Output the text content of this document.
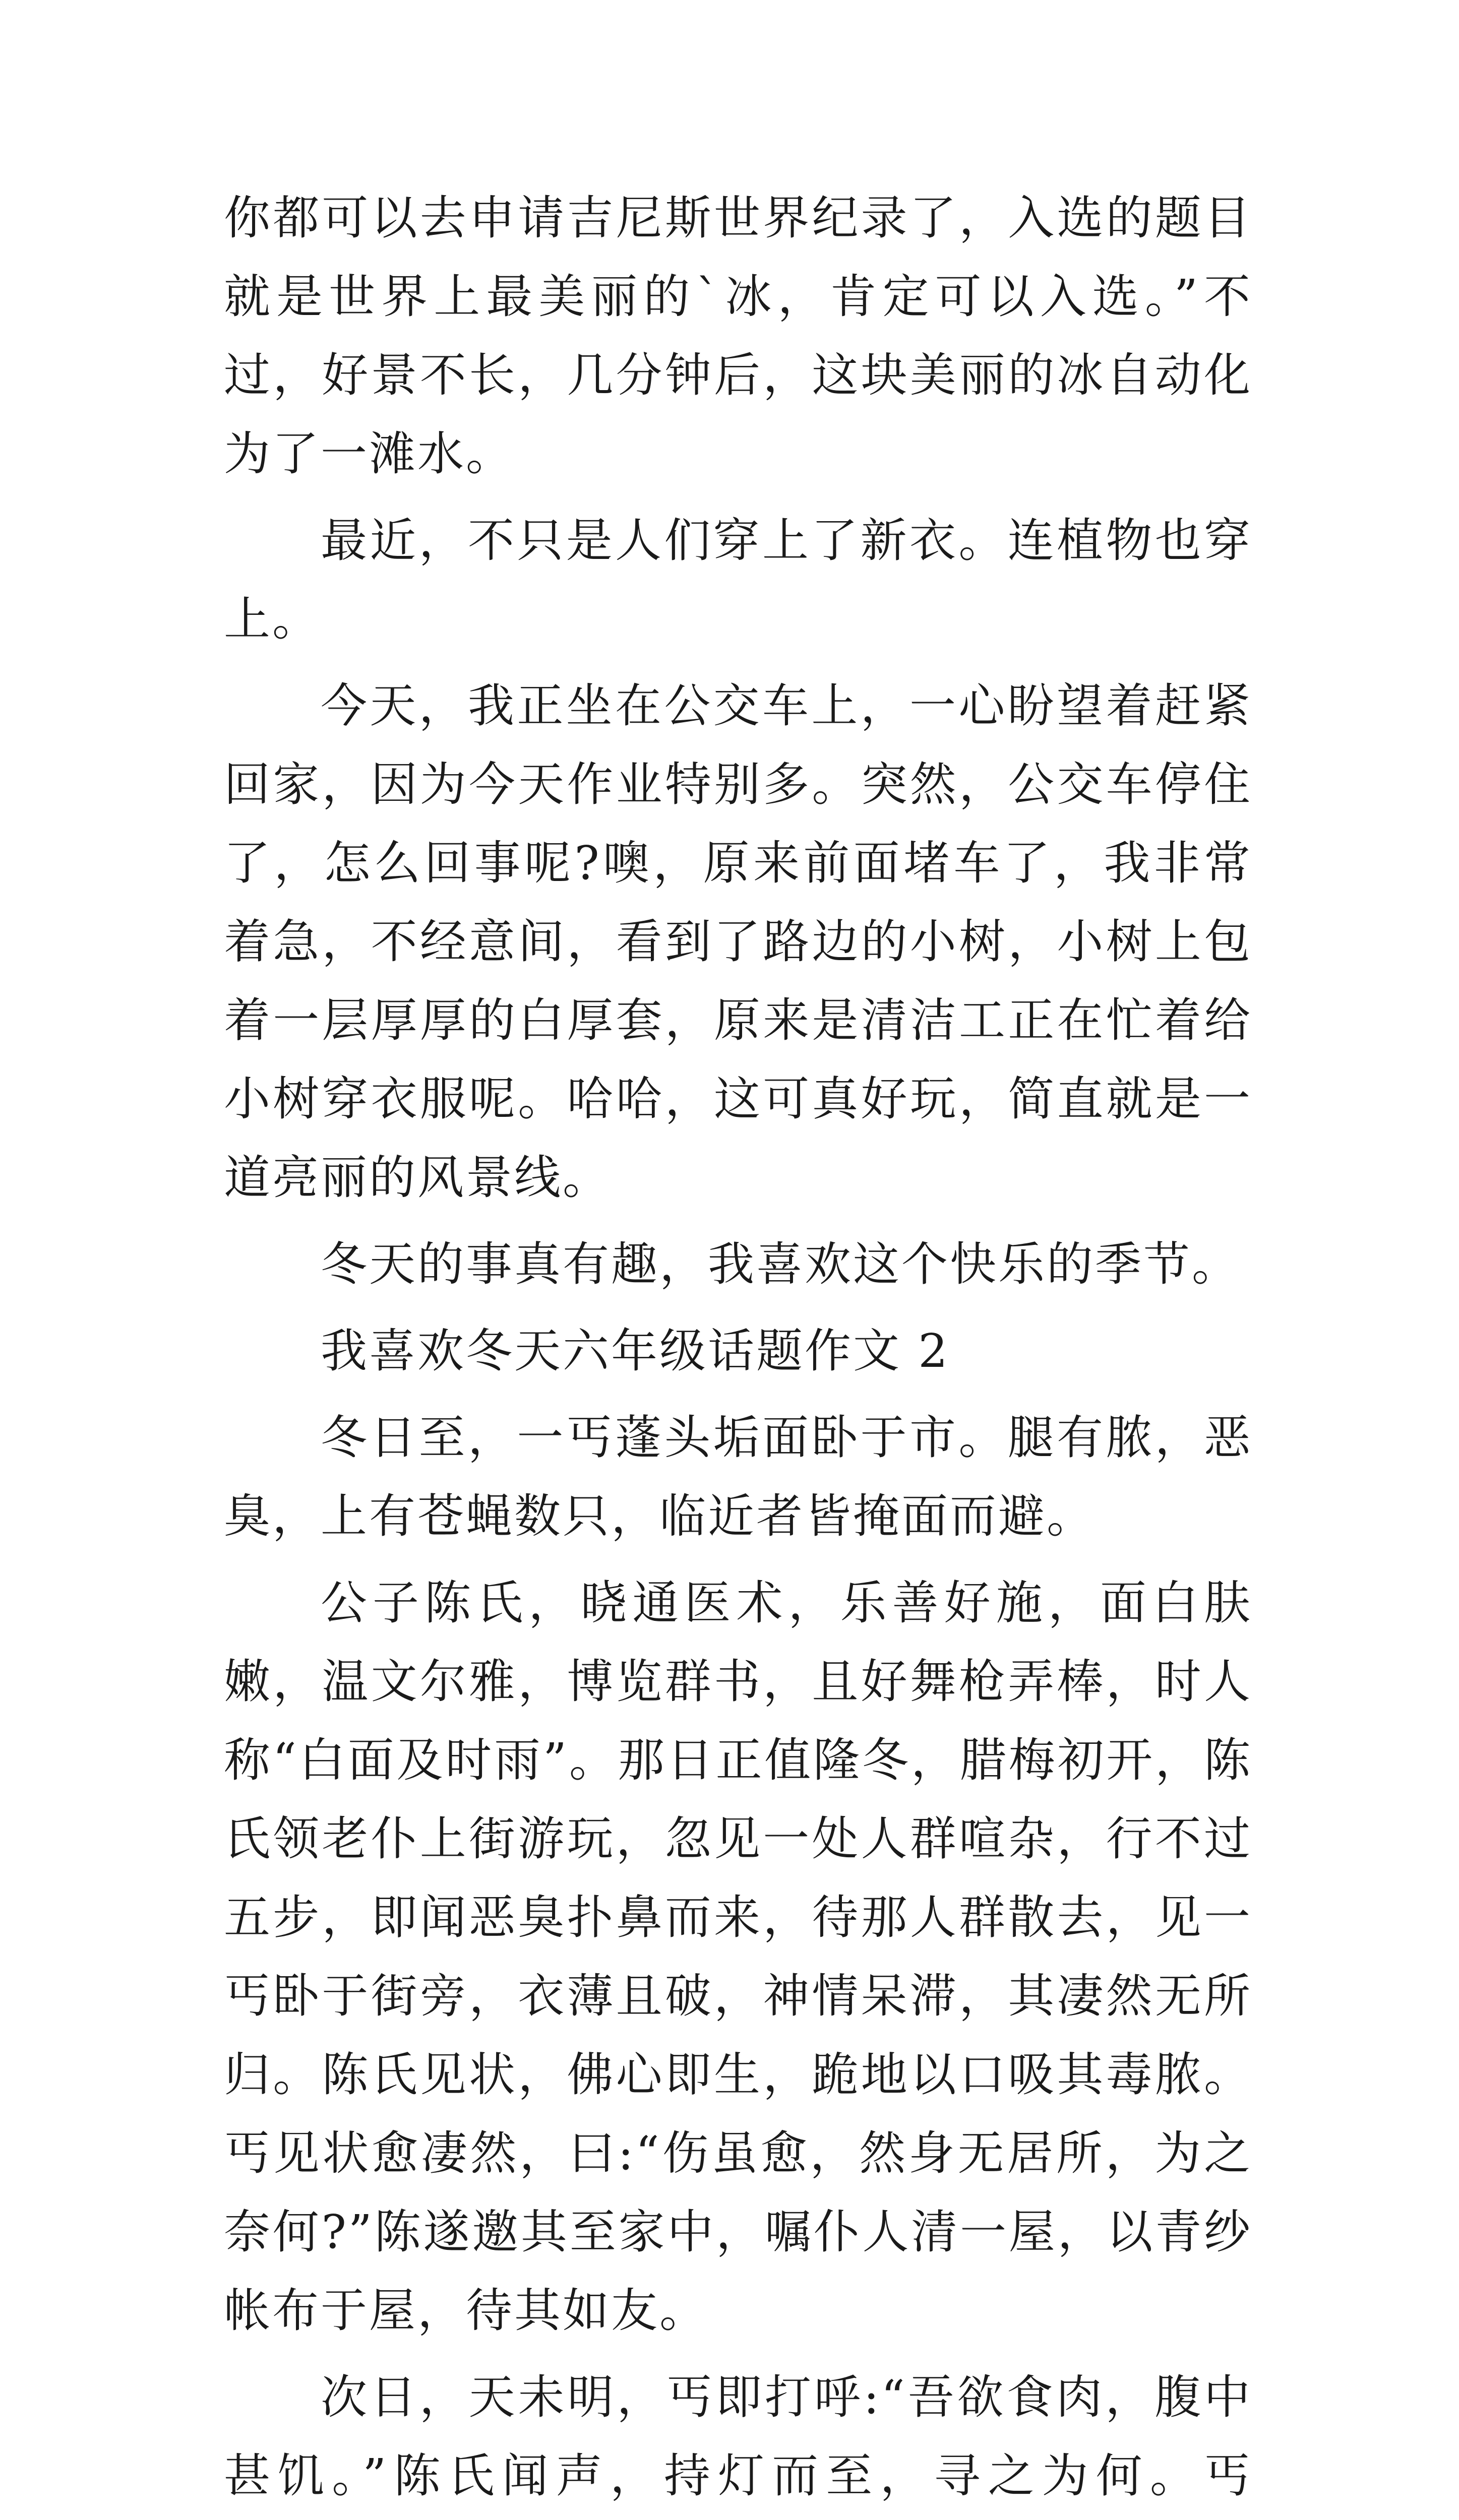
你都可以去申请吉尼斯世界纪录了，入选的题目就是世界上最美丽的`冰，肯定可以入选。”不过，好景不长，几分钟后，这块美丽的冰自动化为了一滩水。

最近，不只是人们穿上了新衣。连植物也穿上。

今天，我正坐在公交车上，一心盼望着赶紧回家，因为今天作业特别多。突然，公交车停住了，怎么回事呢?噢，原来前面堵车了，我非常着急，不经意间，看到了路边的小树，小树上包着一层厚厚的白厚套，原来是清洁工正在忙着给小树穿衣服呢。哈哈，这可真好玩，简直就是一道亮丽的风景线。

冬天的事真有趣，我喜欢这个快乐的季节。

我喜欢冬天六年级话题作文 2

冬日至，一丐蓬头垢面卧于市。腿有脓，恶臭，上有苍蝇数只，临近者皆掩面而避。

公子陈氏，晓通医术，乐善好施，面白肤嫩，温文尔雅，博览群书，且好舞枪弄棒，时人称“白面及时雨”。那日正值隆冬，腊梅初开，陈氏领老仆上街游玩，忽见一处人群喧杂，行不过五步，即闻恶臭扑鼻而来，待那人群散去，见一丐卧于街旁，衣薄且破，神情呆滞，其凄然无所归。陈氏见状，佛心即生，跪地以口吸其毒脓。丐见状愈凄然，曰:“伤虽愈，然身无居所，为之奈何?”陈遂邀其至家中，嘱仆人清一屋，以青纱帐布于屋，待其如友。

次日，天未明，丐即打呼:“吾欲食肉，腹中甚饥。”陈氏闻声，持灯而至，寻之为何。丐
